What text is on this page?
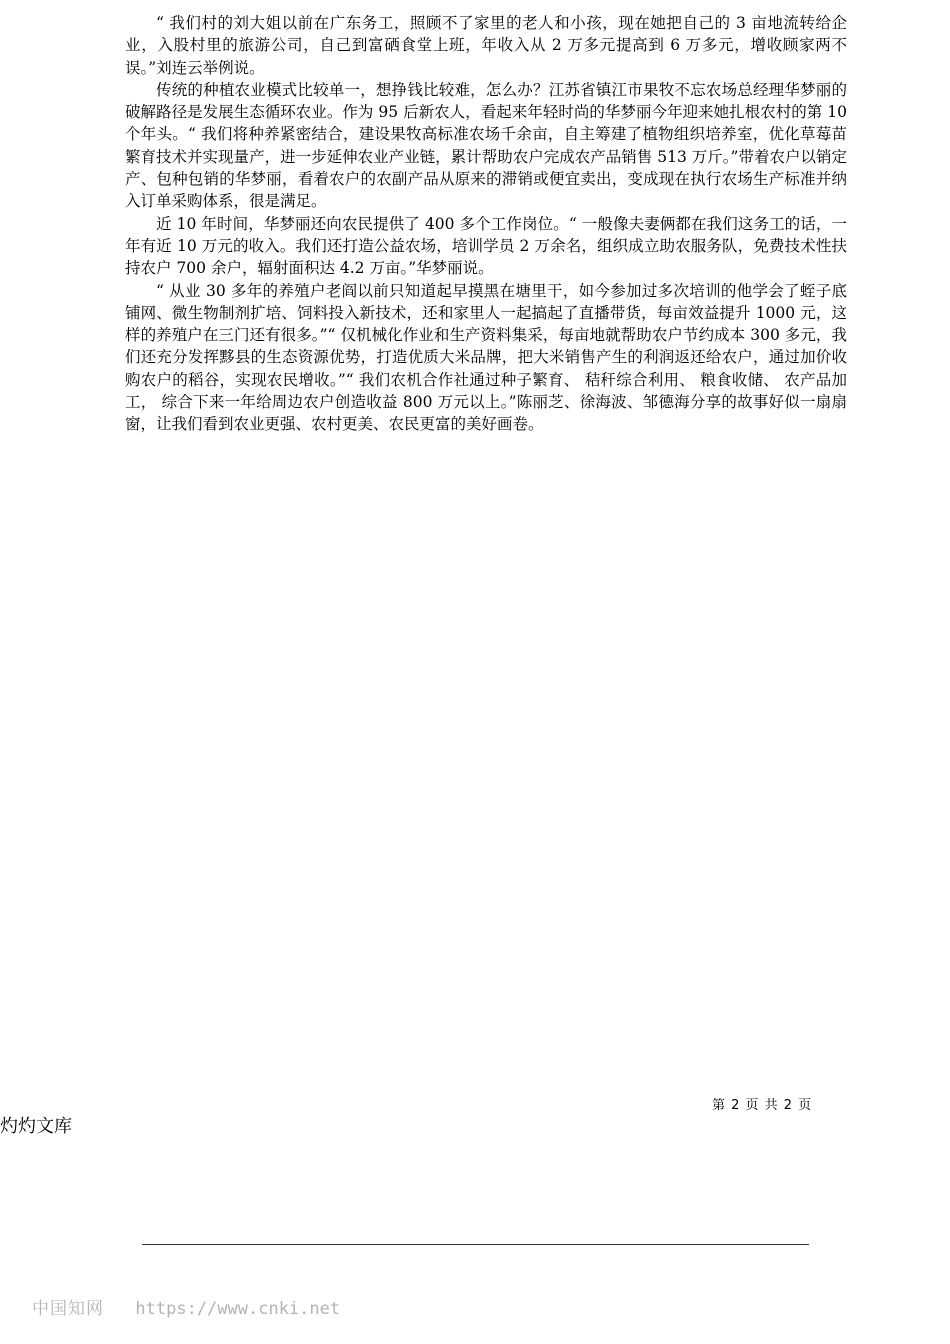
“ 我们村的刘大姐以前在广东务工，照顾不了家里的老人和小孩，现在她把自己的 3 亩地流转给企业，入股村里的旅游公司，自己到富硒食堂上班，年收入从 2 万多元提高到 6 万多元，增收顾家两不误。”刘连云举例说。

传统的种植农业模式比较单一，想挣钱比较难，怎么办？江苏省镇江市果牧不忘农场总经理华梦丽的破解路径是发展生态循环农业。作为 95 后新农人，看起来年轻时尚的华梦丽今年迎来她扎根农村的第 10 个年头。“ 我们将种养紧密结合，建设果牧高标准农场千余亩，自主筹建了植物组织培养室，优化草莓苗繁育技术并实现量产，进一步延伸农业产业链，累计帮助农户完成农产品销售 513 万斤。”带着农户以销定产、包种包销的华梦丽，看着农户的农副产品从原来的滞销或便宜卖出，变成现在执行农场生产标准并纳入订单采购体系，很是满足。

近 10 年时间，华梦丽还向农民提供了 400 多个工作岗位。“ 一般像夫妻俩都在我们这务工的话，一年有近 10 万元的收入。我们还打造公益农场，培训学员 2 万余名，组织成立助农服务队，免费技术性扶持农户 700 余户，辐射面积达 4.2 万亩。”华梦丽说。

“ 从业 30 多年的养殖户老阎以前只知道起早摸黑在塘里干，如今参加过多次培训的他学会了蛭子底铺网、微生物制剂扩培、饲料投入新技术，还和家里人一起搞起了直播带货，每亩效益提升 1000 元，这样的养殖户在三门还有很多。”“ 仅机械化作业和生产资料集采，每亩地就帮助农户节约成本 300 多元，我们还充分发挥黟县的生态资源优势，打造优质大米品牌，把大米销售产生的利润返还给农户，通过加价收购农户的稻谷，实现农民增收。”“ 我们农机合作社通过种子繁育、 秸秆综合利用、 粮食收储、 农产品加工， 综合下来一年给周边农户创造收益 800 万元以上。”陈丽芝、徐海波、邹德海分享的故事好似一扇扇窗，让我们看到农业更强、农村更美、农民更富的美好画卷。

第 2 页 共 2 页
灼灼文库
中国知网 https://www.cnki.net
